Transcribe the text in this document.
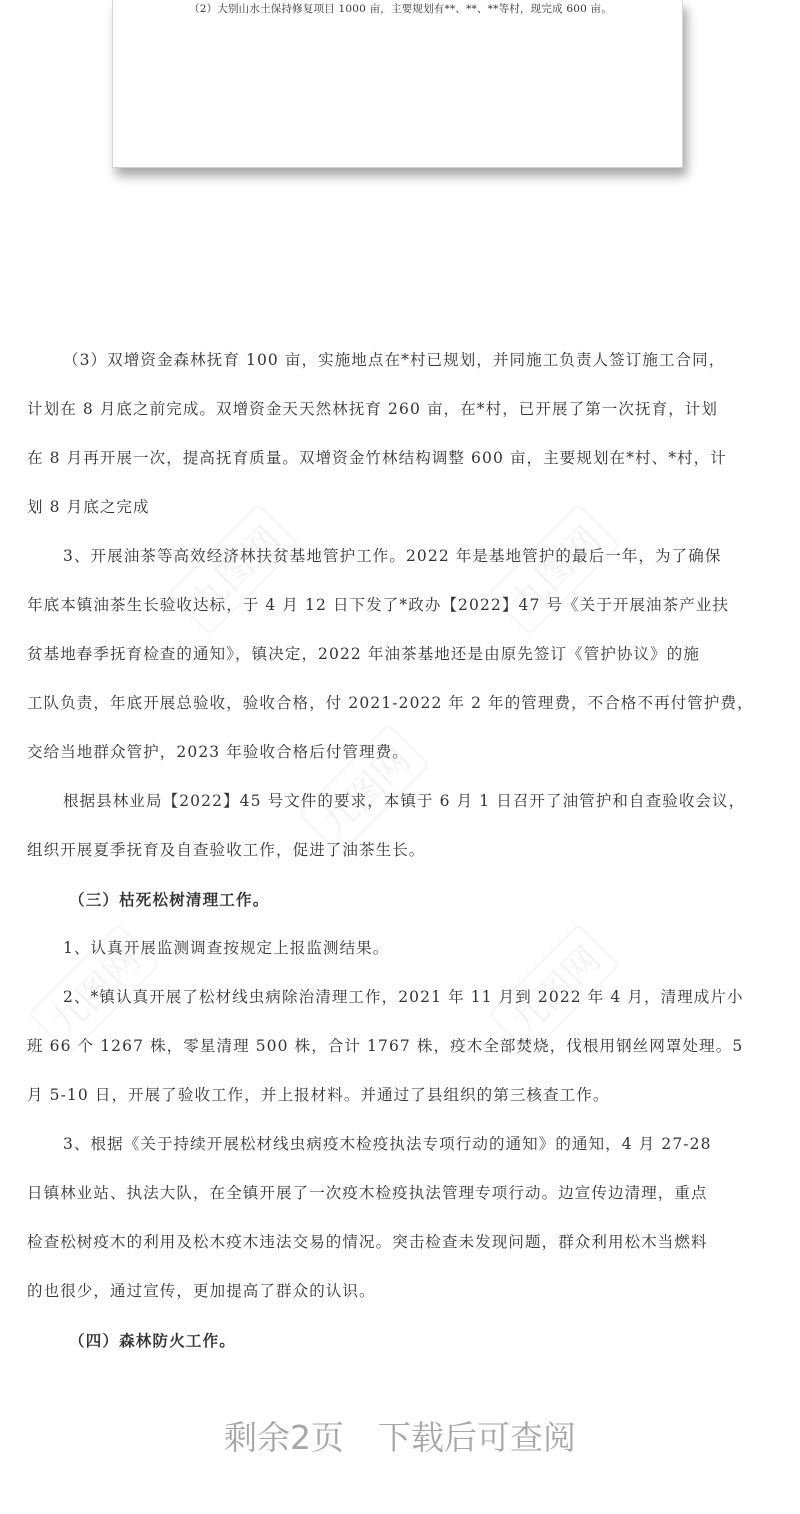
（2）大别山水土保持修复项目 1000 亩，主要规划有**、**、**等村，现完成 600 亩。
九图网	九图网
九图网
九图网	九图网
（3）双增资金森林抚育 100 亩，实施地点在*村已规划，并同施工负责人签订施工合同，
计划在 8 月底之前完成。双增资金天天然林抚育 260 亩，在*村，已开展了第一次抚育，计划
在 8 月再开展一次，提高抚育质量。双增资金竹林结构调整 600 亩，主要规划在*村、*村，计
划 8 月底之完成
3、开展油茶等高效经济林扶贫基地管护工作。2022 年是基地管护的最后一年，为了确保
年底本镇油茶生长验收达标，于 4 月 12 日下发了*政办【2022】47 号《关于开展油茶产业扶
贫基地春季抚育检查的通知》，镇决定，2022 年油茶基地还是由原先签订《管护协议》的施
工队负责，年底开展总验收，验收合格，付 2021-2022 年 2 年的管理费，不合格不再付管护费，
交给当地群众管护，2023 年验收合格后付管理费。
根据县林业局【2022】45 号文件的要求，本镇于 6 月 1 日召开了油管护和自查验收会议，
组织开展夏季抚育及自查验收工作，促进了油茶生长。
（三）枯死松树清理工作。
1、认真开展监测调查按规定上报监测结果。
2、*镇认真开展了松材线虫病除治清理工作，2021 年 11 月到 2022 年 4 月，清理成片小
班 66 个 1267 株，零星清理 500 株，合计 1767 株，疫木全部焚烧，伐根用钢丝网罩处理。5
月 5-10 日，开展了验收工作，并上报材料。并通过了县组织的第三核查工作。
3、根据《关于持续开展松材线虫病疫木检疫执法专项行动的通知》的通知，4 月 27-28
日镇林业站、执法大队，在全镇开展了一次疫木检疫执法管理专项行动。边宣传边清理，重点
检查松树疫木的利用及松木疫木违法交易的情况。突击检查未发现问题，群众利用松木当燃料
的也很少，通过宣传，更加提高了群众的认识。
（四）森林防火工作。
剩余2页 下载后可查阅
